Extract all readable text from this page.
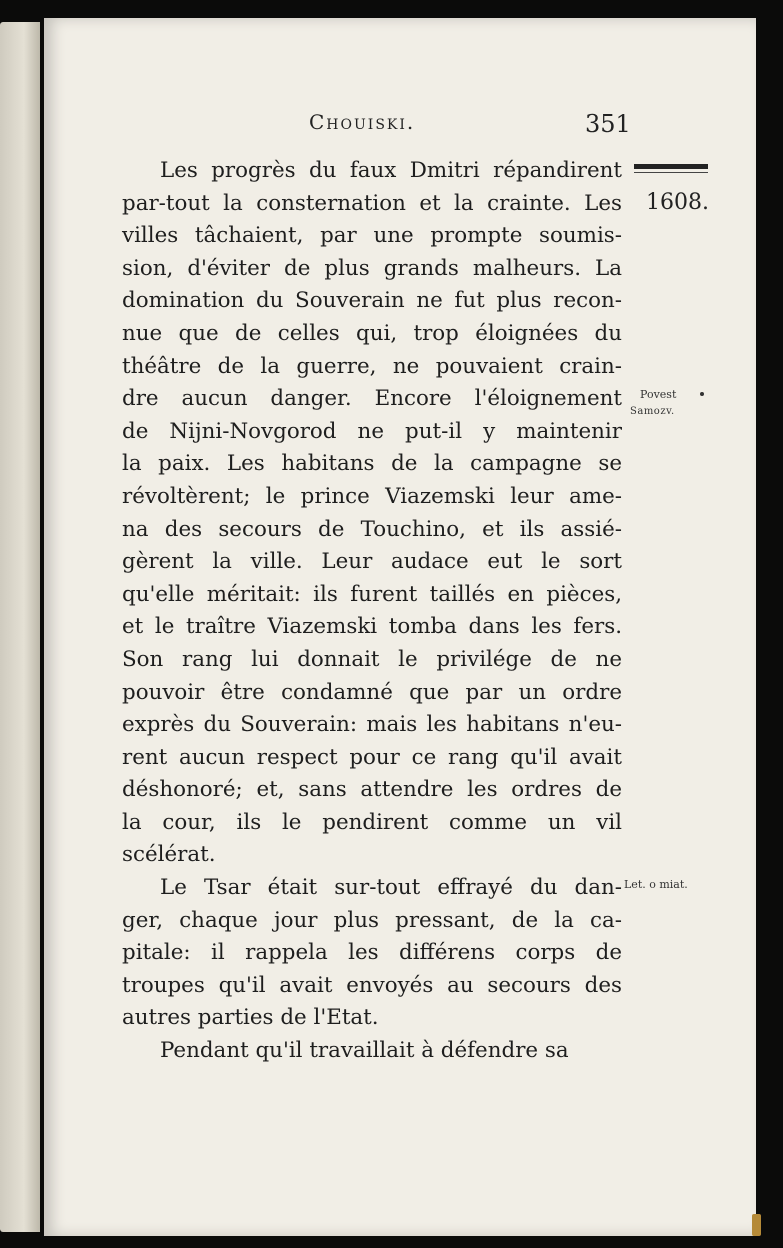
Chouiski.	351
Les progrès du faux Dmitri répandirent
par-tout la consternation et la crainte. Les
villes tâchaient, par une prompte soumis-
sion, d'éviter de plus grands malheurs. La
domination du Souverain ne fut plus recon-
nue que de celles qui, trop éloignées du
théâtre de la guerre, ne pouvaient crain-
dre aucun danger. Encore l'éloignement
de Nijni-Novgorod ne put-il y maintenir
la paix. Les habitans de la campagne se
révoltèrent; le prince Viazemski leur ame-
na des secours de Touchino, et ils assié-
gèrent la ville. Leur audace eut le sort
qu'elle méritait: ils furent taillés en pièces,
et le traître Viazemski tomba dans les fers.
Son rang lui donnait le privilége de ne
pouvoir être condamné que par un ordre
exprès du Souverain: mais les habitans n'eu-
rent aucun respect pour ce rang qu'il avait
déshonoré; et, sans attendre les ordres de
la cour, ils le pendirent comme un vil
scélérat.
Le Tsar était sur-tout effrayé du dan-
ger, chaque jour plus pressant, de la ca-
pitale: il rappela les différens corps de
troupes qu'il avait envoyés au secours des
autres parties de l'Etat.
Pendant qu'il travaillait à défendre sa
1608.
Povest
Samozv.
Let. o miat.
